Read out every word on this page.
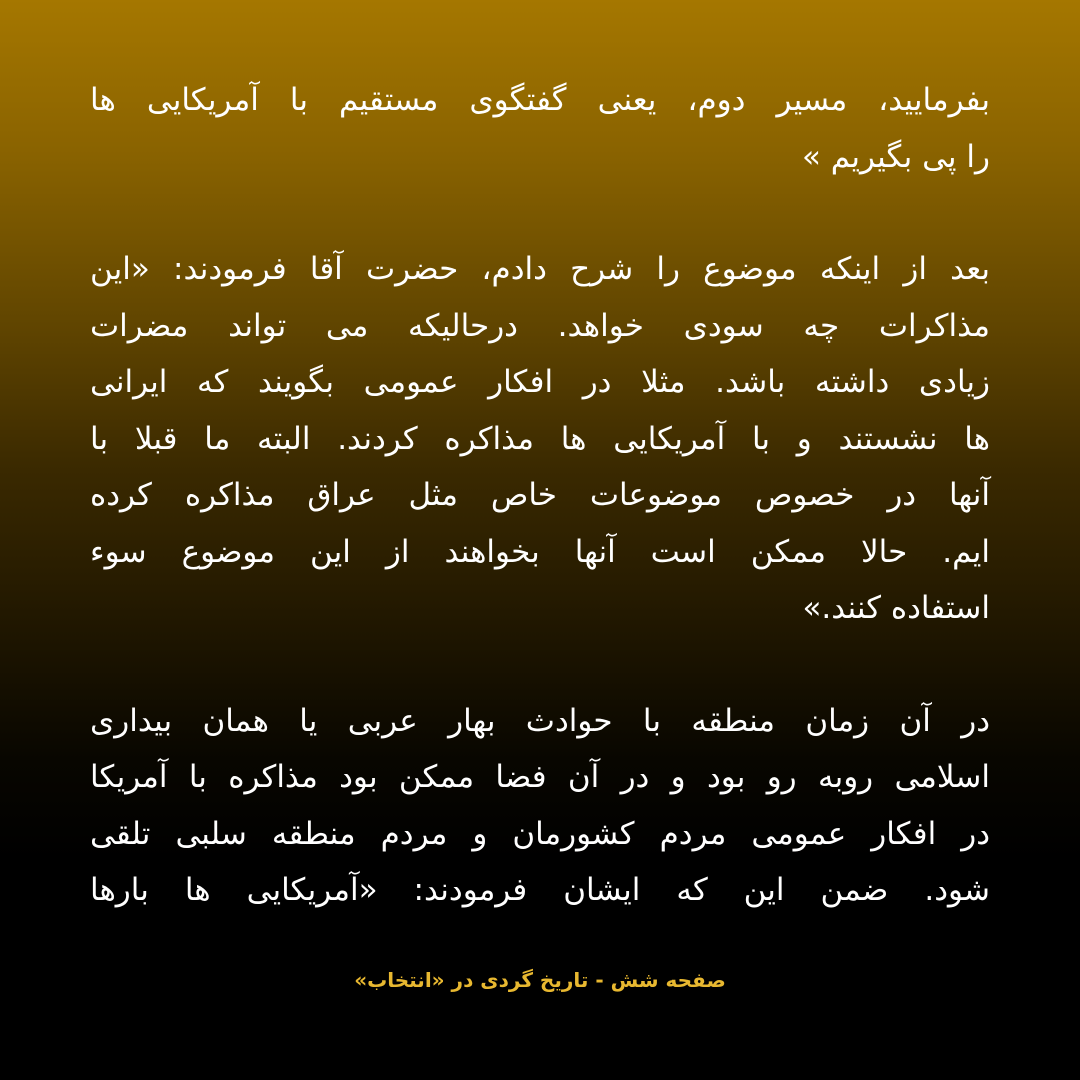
بفرمایید، مسیر دوم، یعنی گفتگوی مستقیم با آمریکایی ها
را پی بگیریم »

بعد از اینکه موضوع را شرح دادم، حضرت آقا فرمودند: «این
مذاکرات چه سودی خواهد. درحالیکه می تواند مضرات
زیادی داشته باشد. مثلا در افکار عمومی بگویند که ایرانی
ها نشستند و با آمریکایی ها مذاکره کردند. البته ما قبلا با
آنها در خصوص موضوعات خاص مثل عراق مذاکره کرده
ایم. حالا ممکن است آنها بخواهند از این موضوع سوء
استفاده کنند.»

در آن زمان منطقه با حوادث بهار عربی یا همان بیداری
اسلامی روبه رو بود و در آن فضا ممکن بود مذاکره با آمریکا
در افکار عمومی مردم کشورمان و مردم منطقه سلبی تلقی
شود. ضمن این که ایشان فرمودند: «آمریکایی ها بارها

صفحه شش - تاریخ گردی در «انتخاب»
